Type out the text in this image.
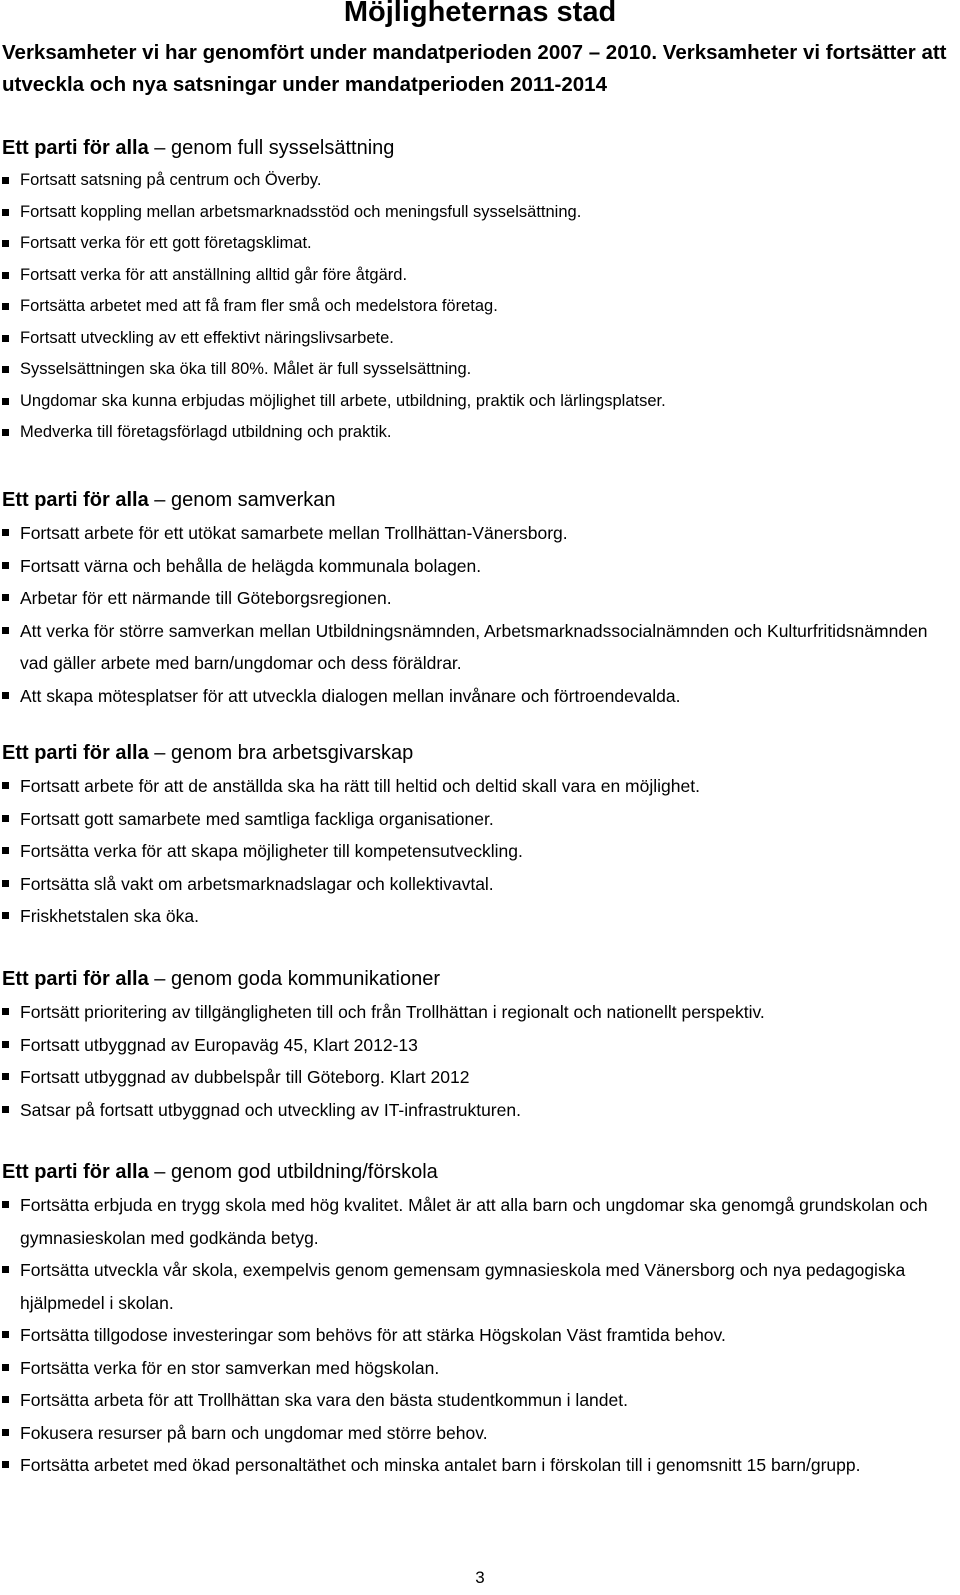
Möjligheternas stad
Verksamheter vi har genomfört under mandatperioden 2007 – 2010. Verksamheter vi fortsätter att utveckla och nya satsningar under mandatperioden 2011-2014
Ett parti för alla – genom full sysselsättning
Fortsatt satsning på centrum och Överby.
Fortsatt koppling mellan arbetsmarknadsstöd och meningsfull sysselsättning.
Fortsatt verka för ett gott företagsklimat.
Fortsatt verka för att anställning alltid går före åtgärd.
Fortsätta arbetet med att få fram fler små och medelstora företag.
Fortsatt utveckling av ett effektivt näringslivsarbete.
Sysselsättningen ska öka till 80%. Målet är full sysselsättning.
Ungdomar ska kunna erbjudas möjlighet till arbete, utbildning, praktik och lärlingsplatser.
Medverka till företagsförlagd utbildning och praktik.
Ett parti för alla – genom samverkan
Fortsatt arbete för ett utökat samarbete mellan Trollhättan-Vänersborg.
Fortsatt värna och behålla de helägda kommunala bolagen.
Arbetar för ett närmande till Göteborgsregionen.
Att verka för större samverkan mellan Utbildningsnämnden, Arbetsmarknadssocialnämnden och Kulturfritidsnämnden vad gäller arbete med barn/ungdomar och dess föräldrar.
Att skapa mötesplatser för att utveckla dialogen mellan invånare och förtroendevalda.
Ett parti för alla – genom bra arbetsgivarskap
Fortsatt arbete för att de anställda ska ha rätt till heltid och deltid skall vara en möjlighet.
Fortsatt gott samarbete med samtliga fackliga organisationer.
Fortsätta verka för att skapa möjligheter till kompetensutveckling.
Fortsätta slå vakt om arbetsmarknadslagar och kollektivavtal.
Friskhetstalen ska öka.
Ett parti för alla – genom goda kommunikationer
Fortsätt prioritering av tillgängligheten till och från Trollhättan i regionalt och nationellt perspektiv.
Fortsatt utbyggnad av Europaväg 45, Klart 2012-13
Fortsatt utbyggnad av dubbelspår till Göteborg. Klart 2012
Satsar på fortsatt utbyggnad och utveckling av IT-infrastrukturen.
Ett parti för alla – genom god utbildning/förskola
Fortsätta erbjuda en trygg skola med hög kvalitet. Målet är att alla barn och ungdomar ska genomgå grundskolan och gymnasieskolan med godkända betyg.
Fortsätta utveckla vår skola, exempelvis genom gemensam gymnasieskola med Vänersborg och nya pedagogiska hjälpmedel i skolan.
Fortsätta tillgodose investeringar som behövs för att stärka Högskolan Väst framtida behov.
Fortsätta verka för en stor samverkan med högskolan.
Fortsätta arbeta för att Trollhättan ska vara den bästa studentkommun i landet.
Fokusera resurser på barn och ungdomar med större behov.
Fortsätta arbetet med ökad personaltäthet och minska antalet barn i förskolan till i genomsnitt 15 barn/grupp.
3
